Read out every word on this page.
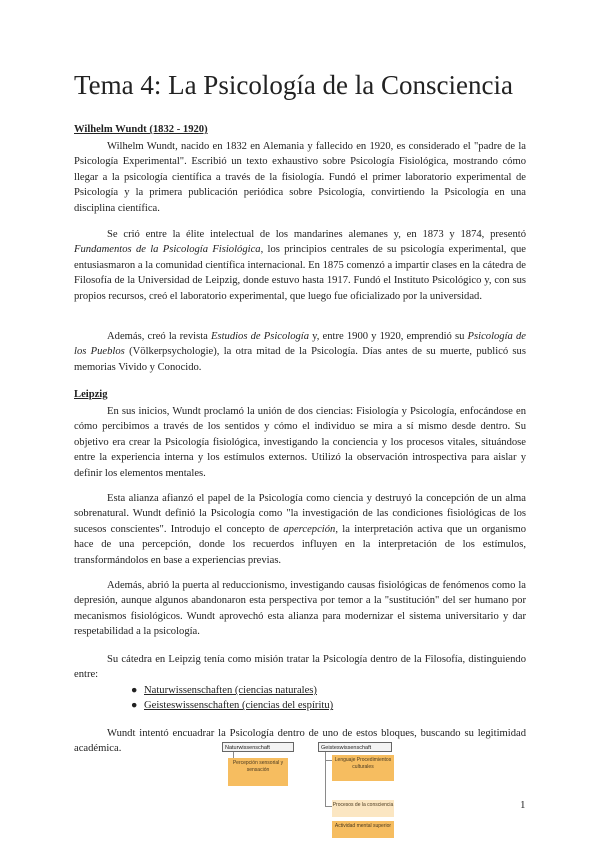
Tema 4: La Psicología de la Consciencia

Wilhelm Wundt (1832 - 1920)

Wilhelm Wundt, nacido en 1832 en Alemania y fallecido en 1920, es considerado el "padre de la Psicología Experimental". Escribió un texto exhaustivo sobre Psicología Fisiológica, mostrando cómo llegar a la psicología científica a través de la fisiología. Fundó el primer laboratorio experimental de Psicología y la primera publicación periódica sobre Psicología, convirtiendo la Psicología en una disciplina científica.

Se crió entre la élite intelectual de los mandarines alemanes y, en 1873 y 1874, presentó Fundamentos de la Psicología Fisiológica, los principios centrales de su psicología experimental, que entusiasmaron a la comunidad científica internacional. En 1875 comenzó a impartir clases en la cátedra de Filosofía de la Universidad de Leipzig, donde estuvo hasta 1917. Fundó el Instituto Psicológico y, con sus propios recursos, creó el laboratorio experimental, que luego fue oficializado por la universidad.

Además, creó la revista Estudios de Psicología y, entre 1900 y 1920, emprendió su Psicología de los Pueblos (Völkerpsychologie), la otra mitad de la Psicología. Días antes de su muerte, publicó sus memorias Vivido y Conocido.

Leipzig

En sus inicios, Wundt proclamó la unión de dos ciencias: Fisiología y Psicología, enfocándose en cómo percibimos a través de los sentidos y cómo el individuo se mira a sí mismo desde dentro. Su objetivo era crear la Psicología fisiológica, investigando la conciencia y los procesos vitales, situándose entre la experiencia interna y los estímulos externos. Utilizó la observación introspectiva para aislar y definir los elementos mentales.

Esta alianza afianzó el papel de la Psicología como ciencia y destruyó la concepción de un alma sobrenatural. Wundt definió la Psicología como "la investigación de las condiciones fisiológicas de los sucesos conscientes". Introdujo el concepto de apercepción, la interpretación activa que un organismo hace de una percepción, donde los recuerdos influyen en la interpretación de los estímulos, transformándolos en base a experiencias previas.

Además, abrió la puerta al reduccionismo, investigando causas fisiológicas de fenómenos como la depresión, aunque algunos abandonaron esta perspectiva por temor a la "sustitución" del ser humano por mecanismos fisiológicos. Wundt aprovechó esta alianza para modernizar el sistema universitario y dar respetabilidad a la psicología.

Su cátedra en Leipzig tenía como misión tratar la Psicología dentro de la Filosofía, distinguiendo entre:

● Naturwissenschaften (ciencias naturales)
● Geisteswissenschaften (ciencias del espíritu)

Wundt intentó encuadrar la Psicología dentro de uno de estos bloques, buscando su legitimidad académica.	Naturwissenschaft	Geisteswissenschaft
Percepción sensorial y sensación
Lenguaje Procedimientos culturales
Procesos de la consciencia
Actividad mental superior
1
